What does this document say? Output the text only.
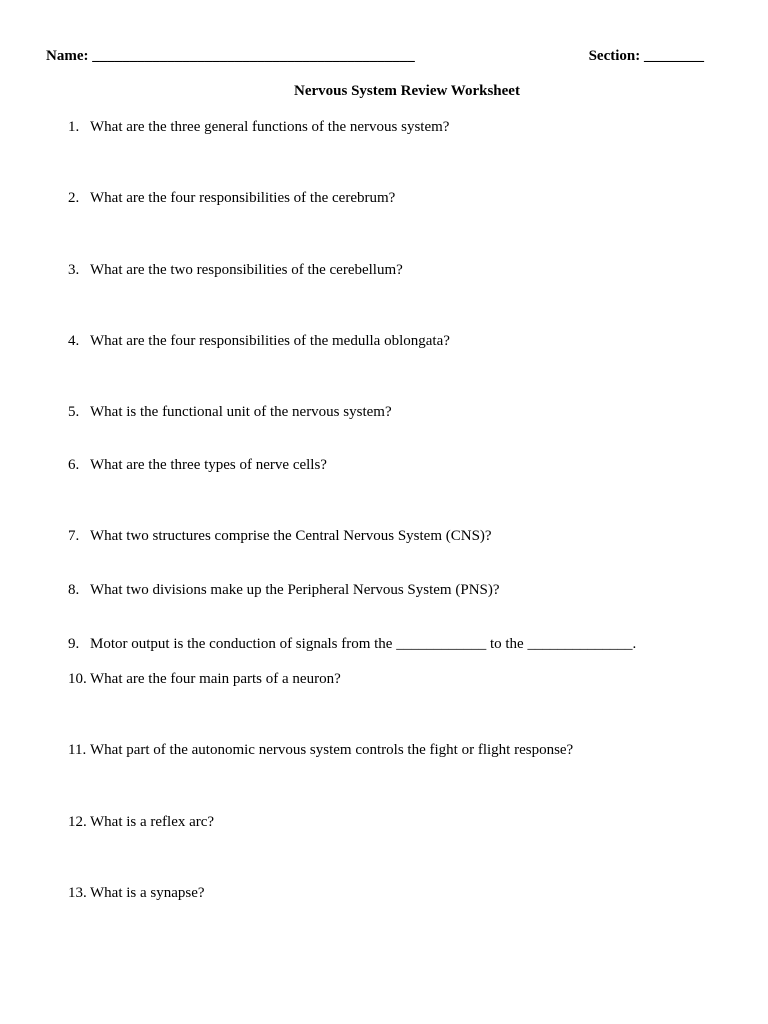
Name: ___________________________________________	Section: ________
Nervous System Review Worksheet
1. What are the three general functions of the nervous system?
2. What are the four responsibilities of the cerebrum?
3. What are the two responsibilities of the cerebellum?
4. What are the four responsibilities of the medulla oblongata?
5. What is the functional unit of the nervous system?
6. What are the three types of nerve cells?
7. What two structures comprise the Central Nervous System (CNS)?
8. What two divisions make up the Peripheral Nervous System (PNS)?
9. Motor output is the conduction of signals from the ____________ to the ______________.
10. What are the four main parts of a neuron?
11. What part of the autonomic nervous system controls the fight or flight response?
12. What is a reflex arc?
13. What is a synapse?
